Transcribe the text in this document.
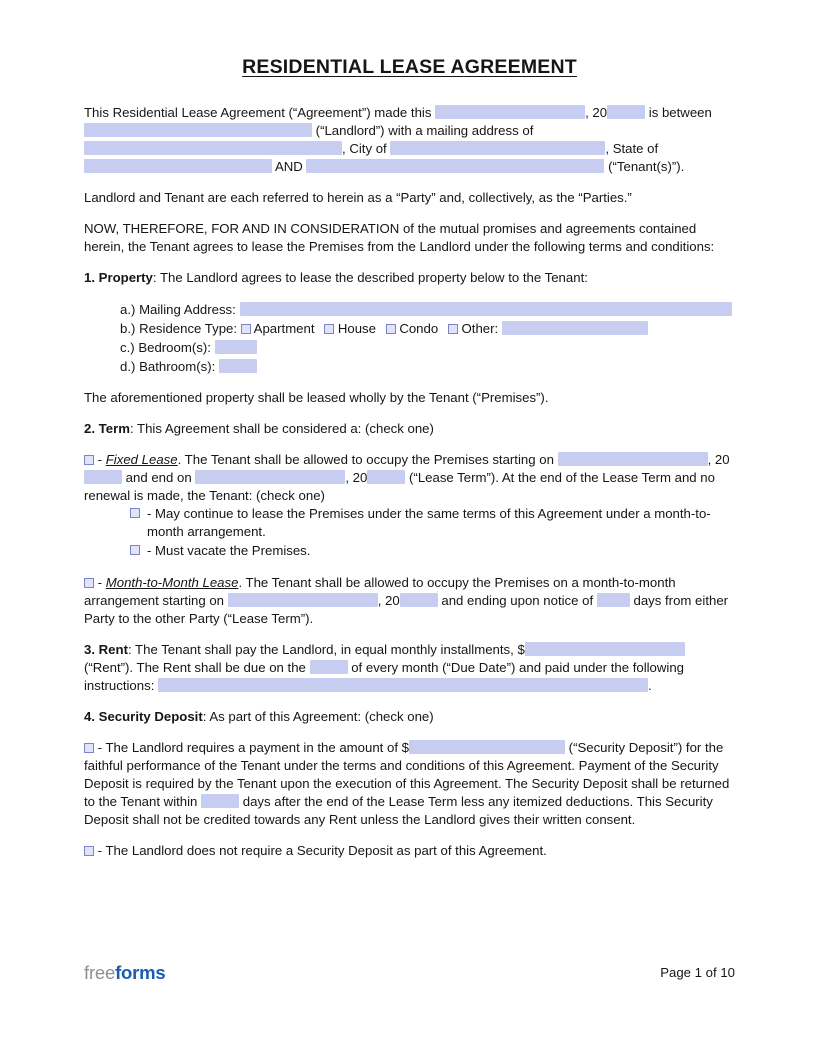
RESIDENTIAL LEASE AGREEMENT

This Residential Lease Agreement (“Agreement”) made this	, 20	is between  (“Landlord”) with a mailing address of , City of	, State of  AND	(“Tenant(s)”).

Landlord and Tenant are each referred to herein as a “Party” and, collectively, as the “Parties.”

NOW, THEREFORE, FOR AND IN CONSIDERATION of the mutual promises and agreements contained herein, the Tenant agrees to lease the Premises from the Landlord under the following terms and conditions:

1. Property: The Landlord agrees to lease the described property below to the Tenant:

a.) Mailing Address:
b.) Residence Type: Apartment House Condo Other:
c.) Bedroom(s):
d.) Bathroom(s):

The aforementioned property shall be leased wholly by the Tenant (“Premises”).

2. Term: This Agreement shall be considered a: (check one)

- Fixed Lease. The Tenant shall be allowed to occupy the Premises starting on	, 20 and end on	, 20	(“Lease Term”). At the end of the Lease Term and no renewal is made, the Tenant: (check one)

- May continue to lease the Premises under the same terms of this Agreement under a month-to-month arrangement.
- Must vacate the Premises.

- Month-to-Month Lease. The Tenant shall be allowed to occupy the Premises on a month-to-month arrangement starting on	, 20	and ending upon notice of	days from either Party to the other Party (“Lease Term”).

3. Rent: The Tenant shall pay the Landlord, in equal monthly installments, $ (“Rent”). The Rent shall be due on the	of every month (“Due Date”) and paid under the following instructions:	.

4. Security Deposit: As part of this Agreement: (check one)

- The Landlord requires a payment in the amount of $	(“Security Deposit”) for the faithful performance of the Tenant under the terms and conditions of this Agreement. Payment of the Security Deposit is required by the Tenant upon the execution of this Agreement. The Security Deposit shall be returned to the Tenant within	days after the end of the Lease Term less any itemized deductions. This Security Deposit shall not be credited towards any Rent unless the Landlord gives their written consent.

- The Landlord does not require a Security Deposit as part of this Agreement.

freeforms	Page 1 of 10
